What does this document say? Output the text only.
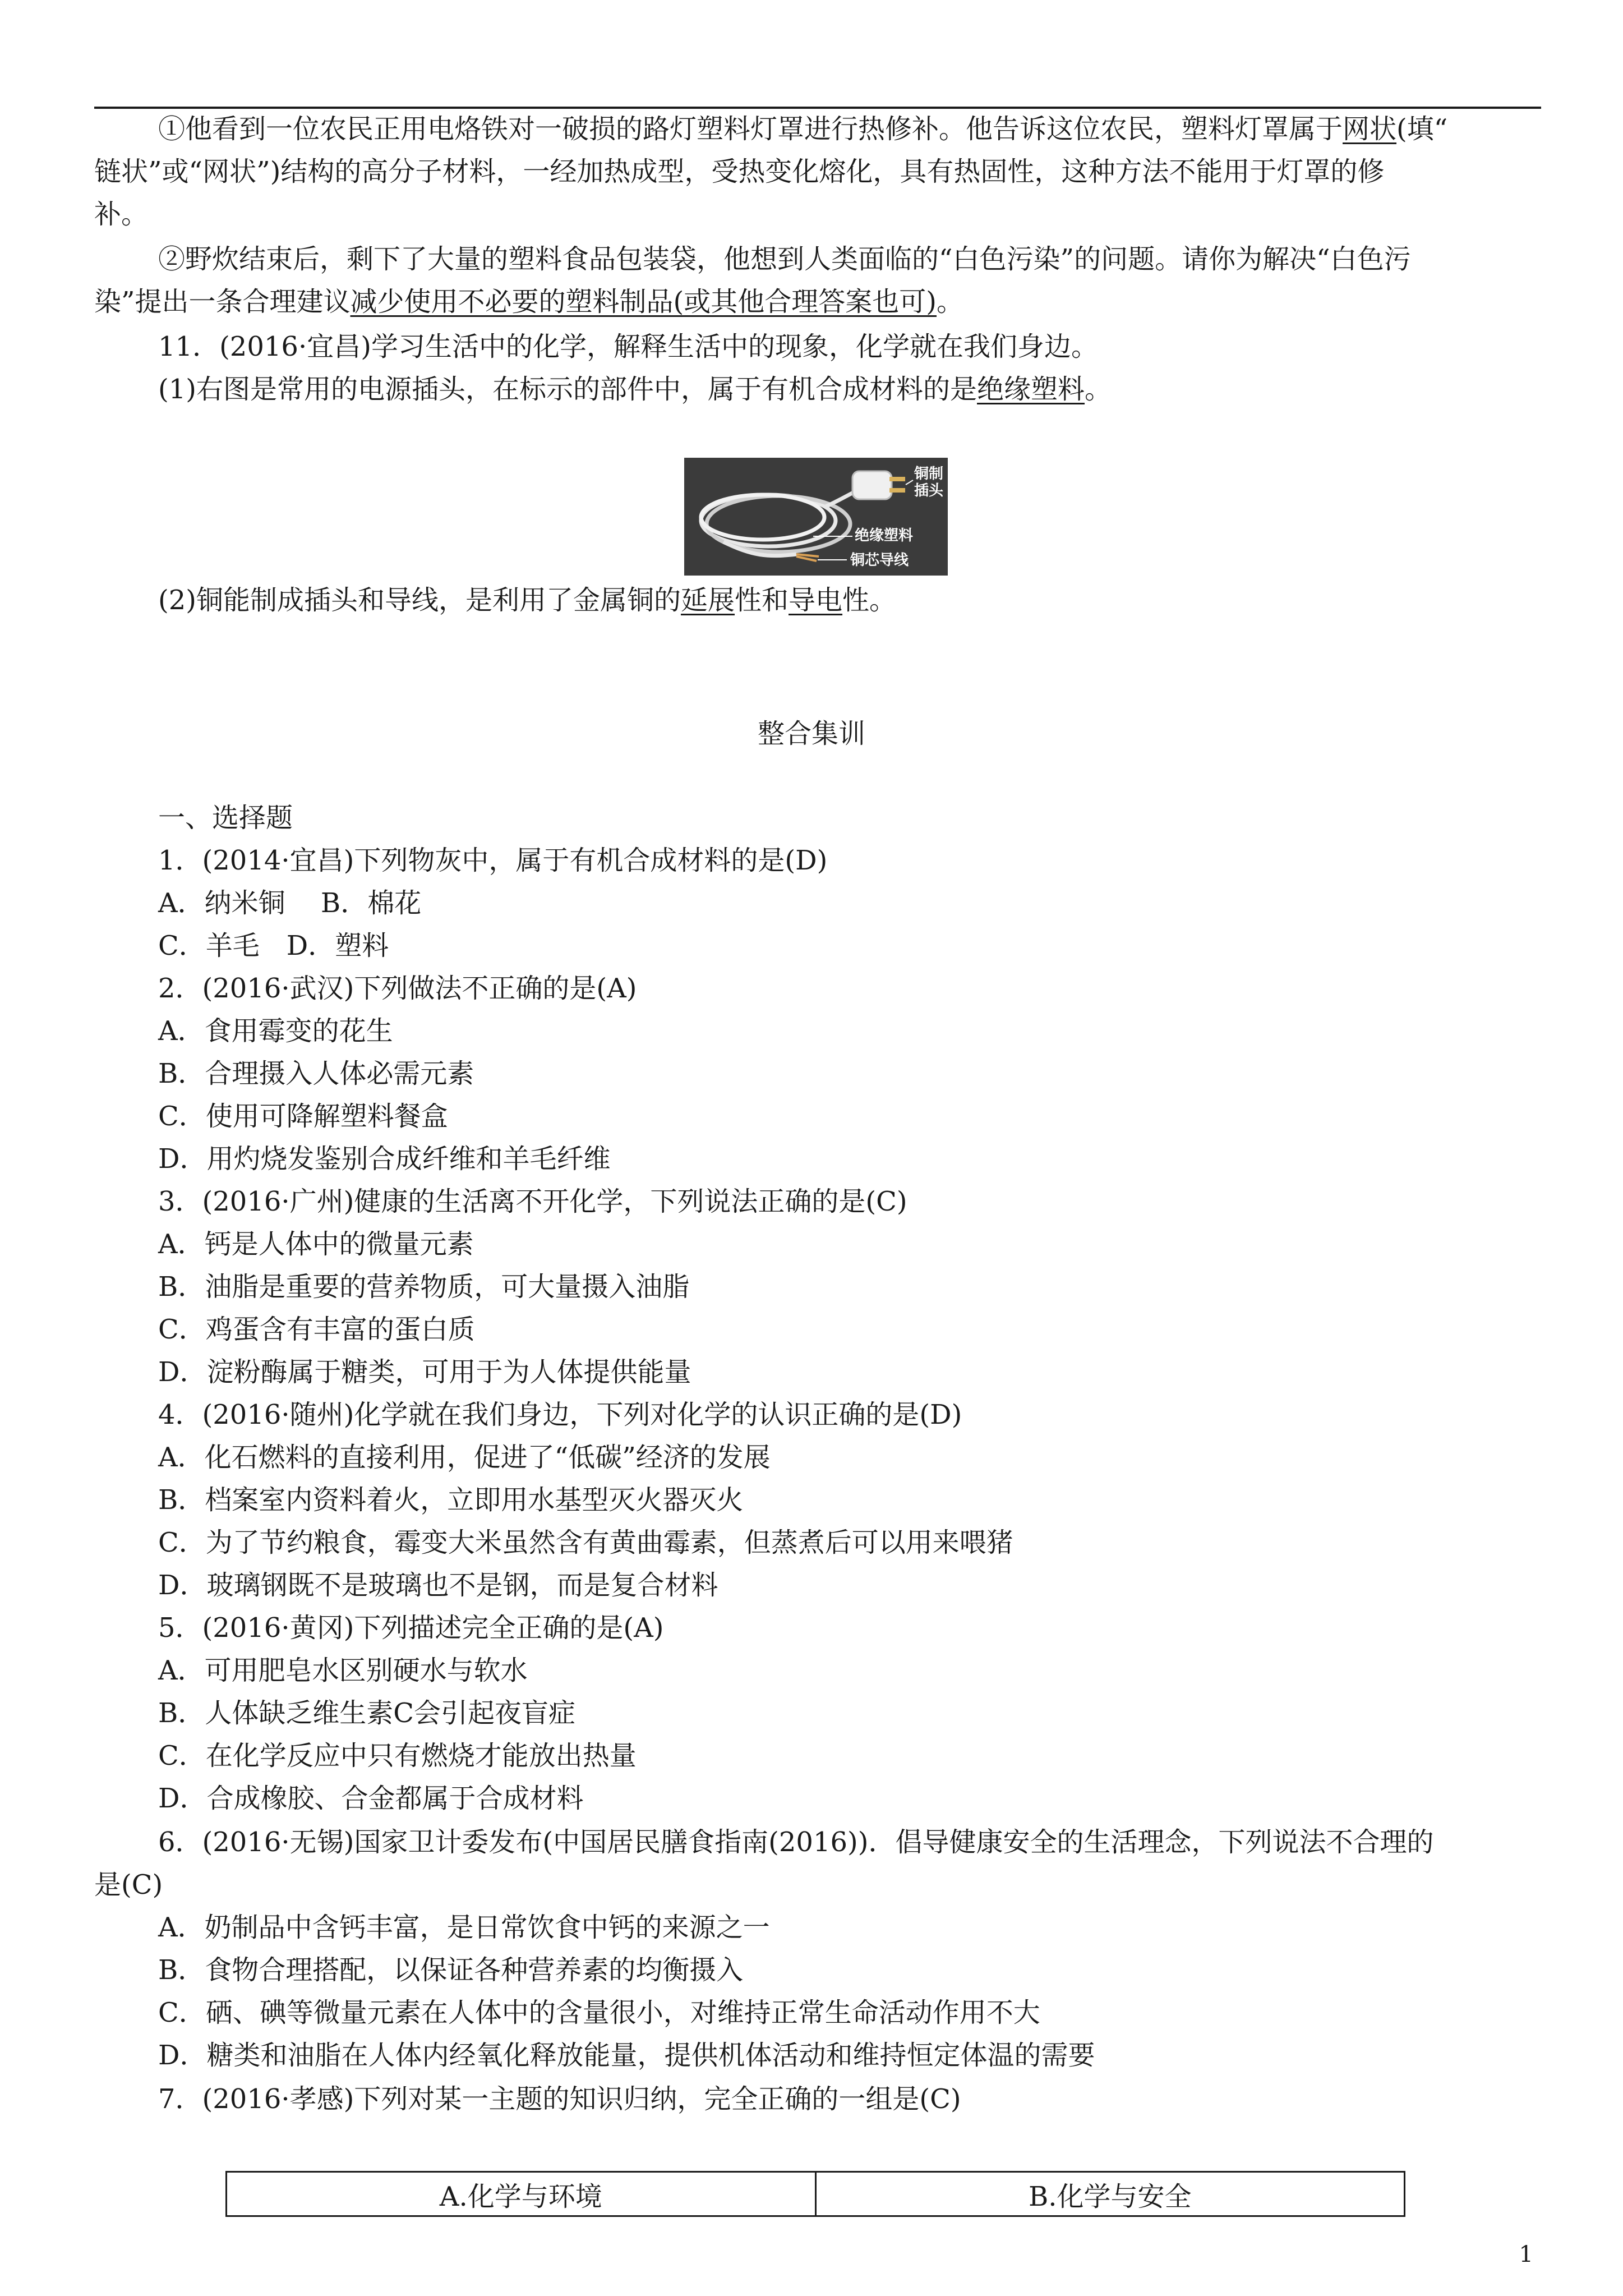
①他看到一位农民正用电烙铁对一破损的路灯塑料灯罩进行热修补。他告诉这位农民，塑料灯罩属于网状(填“
链状”或“网状”)结构的高分子材料，一经加热成型，受热变化熔化，具有热固性，这种方法不能用于灯罩的修
补。
②野炊结束后，剩下了大量的塑料食品包装袋，他想到人类面临的“白色污染”的问题。请你为解决“白色污
染”提出一条合理建议减少使用不必要的塑料制品(或其他合理答案也可)。
11．(2016·宜昌)学习生活中的化学，解释生活中的现象，化学就在我们身边。
(1)右图是常用的电源插头，在标示的部件中，属于有机合成材料的是绝缘塑料。
铜制插头
绝缘塑料
铜芯导线
(2)铜能制成插头和导线，是利用了金属铜的延展性和导电性。
整合集训
一、选择题
1．(2014·宜昌)下列物灰中，属于有机合成材料的是(D)
A．纳米铜　 B．棉花
C．羊毛　D．塑料
2．(2016·武汉)下列做法不正确的是(A)
A．食用霉变的花生
B．合理摄入人体必需元素
C．使用可降解塑料餐盒
D．用灼烧发鉴别合成纤维和羊毛纤维
3．(2016·广州)健康的生活离不开化学，下列说法正确的是(C)
A．钙是人体中的微量元素
B．油脂是重要的营养物质，可大量摄入油脂
C．鸡蛋含有丰富的蛋白质
D．淀粉酶属于糖类，可用于为人体提供能量
4．(2016·随州)化学就在我们身边，下列对化学的认识正确的是(D)
A．化石燃料的直接利用，促进了“低碳”经济的发展
B．档案室内资料着火，立即用水基型灭火器灭火
C．为了节约粮食，霉变大米虽然含有黄曲霉素，但蒸煮后可以用来喂猪
D．玻璃钢既不是玻璃也不是钢，而是复合材料
5．(2016·黄冈)下列描述完全正确的是(A)
A．可用肥皂水区别硬水与软水
B．人体缺乏维生素C会引起夜盲症
C．在化学反应中只有燃烧才能放出热量
D．合成橡胶、合金都属于合成材料
6．(2016·无锡)国家卫计委发布(中国居民膳食指南(2016))．倡导健康安全的生活理念，下列说法不合理的
是(C)
A．奶制品中含钙丰富，是日常饮食中钙的来源之一
B．食物合理搭配，以保证各种营养素的均衡摄入
C．硒、碘等微量元素在人体中的含量很小，对维持正常生命活动作用不大
D．糖类和油脂在人体内经氧化释放能量，提供机体活动和维持恒定体温的需要
7．(2016·孝感)下列对某一主题的知识归纳，完全正确的一组是(C)
A.化学与环境	B.化学与安全
1
